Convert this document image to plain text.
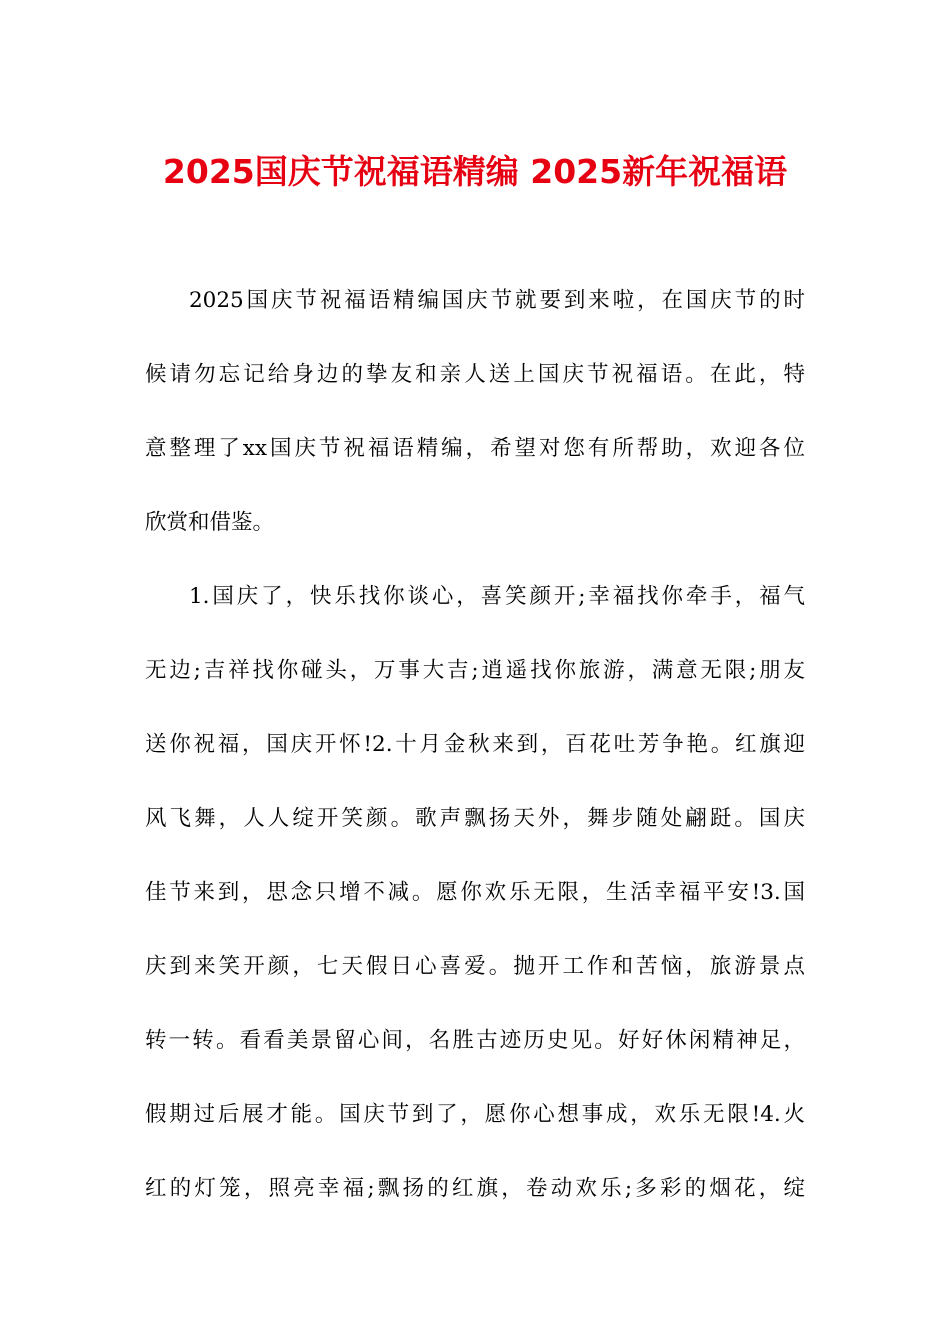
2025国庆节祝福语精编 2025新年祝福语
2025国庆节祝福语精编国庆节就要到来啦，在国庆节的时
候请勿忘记给身边的挚友和亲人送上国庆节祝福语。在此，特
意整理了xx国庆节祝福语精编，希望对您有所帮助，欢迎各位
欣赏和借鉴。
1.国庆了，快乐找你谈心，喜笑颜开;幸福找你牵手，福气
无边;吉祥找你碰头，万事大吉;逍遥找你旅游，满意无限;朋友
送你祝福，国庆开怀!2.十月金秋来到，百花吐芳争艳。红旗迎
风飞舞，人人绽开笑颜。歌声飘扬天外，舞步随处翩跹。国庆
佳节来到，思念只增不减。愿你欢乐无限，生活幸福平安!3.国
庆到来笑开颜，七天假日心喜爱。抛开工作和苦恼，旅游景点
转一转。看看美景留心间，名胜古迹历史见。好好休闲精神足，
假期过后展才能。国庆节到了，愿你心想事成，欢乐无限!4.火
红的灯笼，照亮幸福;飘扬的红旗，卷动欢乐;多彩的烟花，绽
